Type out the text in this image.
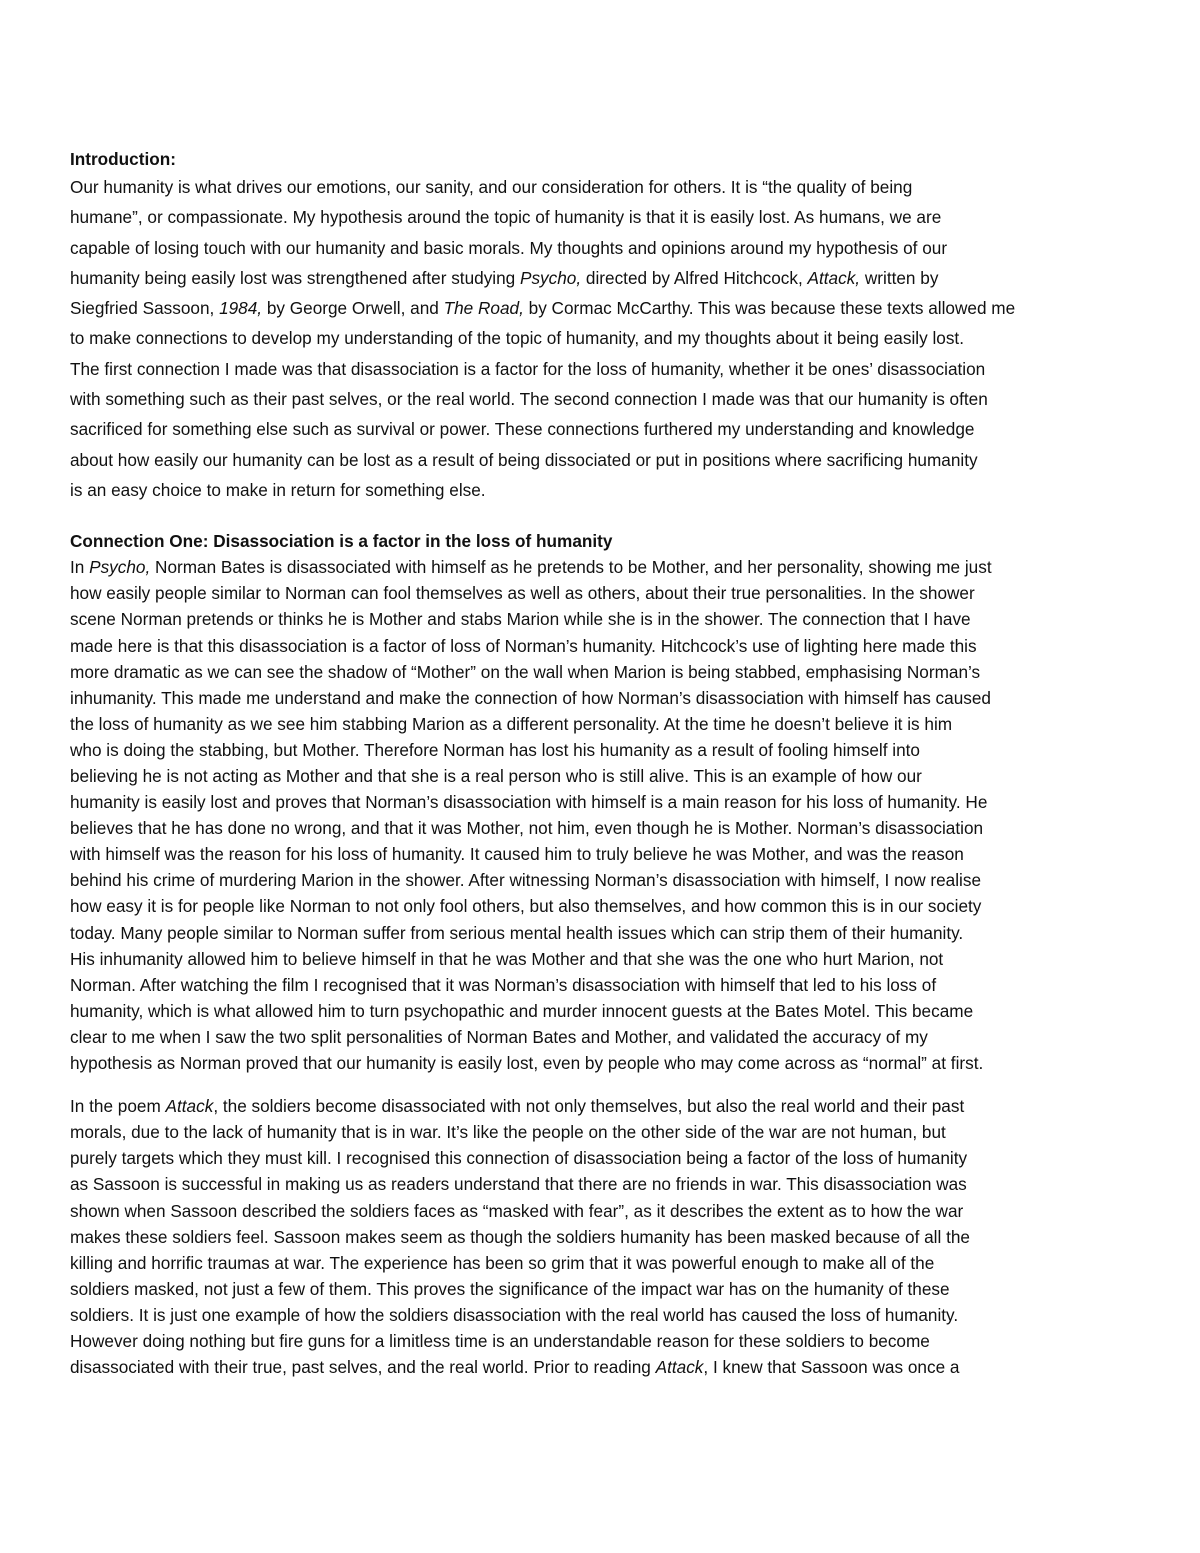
Introduction:

Our humanity is what drives our emotions, our sanity, and our consideration for others. It is “the quality of being
humane”, or compassionate. My hypothesis around the topic of humanity is that it is easily lost. As humans, we are
capable of losing touch with our humanity and basic morals. My thoughts and opinions around my hypothesis of our
humanity being easily lost was strengthened after studying Psycho, directed by Alfred Hitchcock, Attack, written by
Siegfried Sassoon, 1984, by George Orwell, and The Road, by Cormac McCarthy. This was because these texts allowed me
to make connections to develop my understanding of the topic of humanity, and my thoughts about it being easily lost.
The first connection I made was that disassociation is a factor for the loss of humanity, whether it be ones’ disassociation
with something such as their past selves, or the real world. The second connection I made was that our humanity is often
sacrificed for something else such as survival or power. These connections furthered my understanding and knowledge
about how easily our humanity can be lost as a result of being dissociated or put in positions where sacrificing humanity
is an easy choice to make in return for something else.

Connection One: Disassociation is a factor in the loss of humanity

In Psycho, Norman Bates is disassociated with himself as he pretends to be Mother, and her personality, showing me just
how easily people similar to Norman can fool themselves as well as others, about their true personalities. In the shower
scene Norman pretends or thinks he is Mother and stabs Marion while she is in the shower. The connection that I have
made here is that this disassociation is a factor of loss of Norman’s humanity. Hitchcock’s use of lighting here made this
more dramatic as we can see the shadow of “Mother” on the wall when Marion is being stabbed, emphasising Norman’s
inhumanity. This made me understand and make the connection of how Norman’s disassociation with himself has caused
the loss of humanity as we see him stabbing Marion as a different personality. At the time he doesn’t believe it is him
who is doing the stabbing, but Mother. Therefore Norman has lost his humanity as a result of fooling himself into
believing he is not acting as Mother and that she is a real person who is still alive. This is an example of how our
humanity is easily lost and proves that Norman’s disassociation with himself is a main reason for his loss of humanity. He
believes that he has done no wrong, and that it was Mother, not him, even though he is Mother. Norman’s disassociation
with himself was the reason for his loss of humanity. It caused him to truly believe he was Mother, and was the reason
behind his crime of murdering Marion in the shower. After witnessing Norman’s disassociation with himself, I now realise
how easy it is for people like Norman to not only fool others, but also themselves, and how common this is in our society
today. Many people similar to Norman suffer from serious mental health issues which can strip them of their humanity.
His inhumanity allowed him to believe himself in that he was Mother and that she was the one who hurt Marion, not
Norman. After watching the film I recognised that it was Norman’s disassociation with himself that led to his loss of
humanity, which is what allowed him to turn psychopathic and murder innocent guests at the Bates Motel. This became
clear to me when I saw the two split personalities of Norman Bates and Mother, and validated the accuracy of my
hypothesis as Norman proved that our humanity is easily lost, even by people who may come across as “normal” at first.

In the poem Attack, the soldiers become disassociated with not only themselves, but also the real world and their past
morals, due to the lack of humanity that is in war. It’s like the people on the other side of the war are not human, but
purely targets which they must kill. I recognised this connection of disassociation being a factor of the loss of humanity
as Sassoon is successful in making us as readers understand that there are no friends in war. This disassociation was
shown when Sassoon described the soldiers faces as “masked with fear”, as it describes the extent as to how the war
makes these soldiers feel. Sassoon makes seem as though the soldiers humanity has been masked because of all the
killing and horrific traumas at war. The experience has been so grim that it was powerful enough to make all of the
soldiers masked, not just a few of them. This proves the significance of the impact war has on the humanity of these
soldiers. It is just one example of how the soldiers disassociation with the real world has caused the loss of humanity.
However doing nothing but fire guns for a limitless time is an understandable reason for these soldiers to become
disassociated with their true, past selves, and the real world. Prior to reading Attack, I knew that Sassoon was once a
